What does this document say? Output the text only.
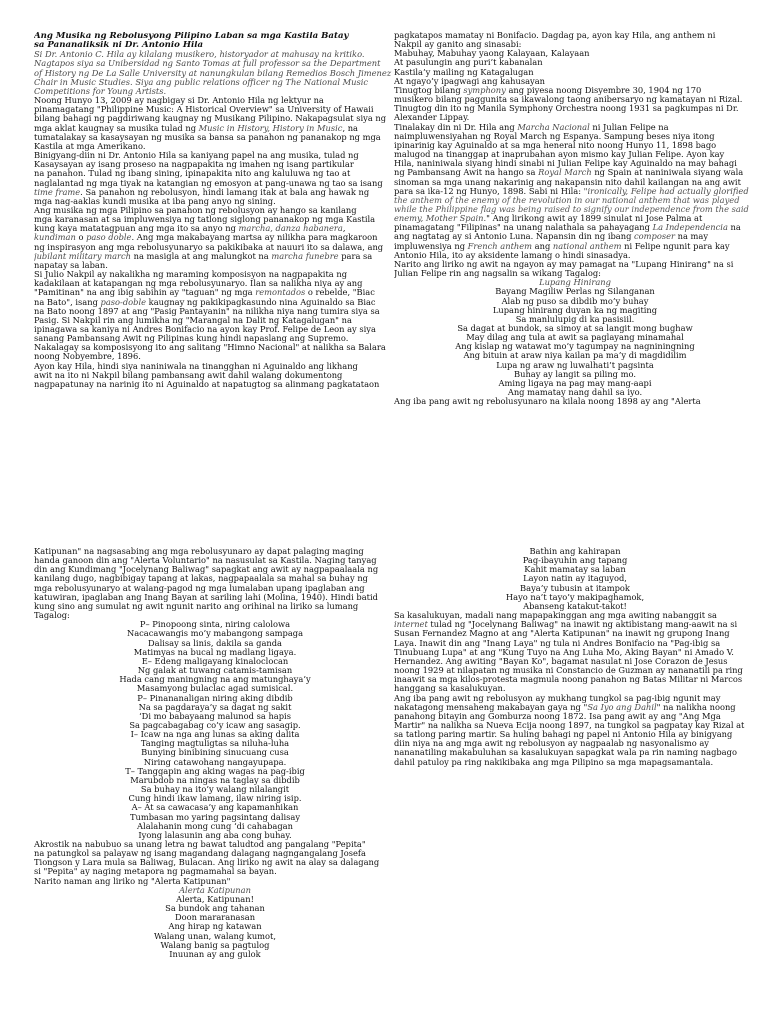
Ang Musika ng Rebolusyong Pilipino Laban sa mga Kastila Batay
sa Pananaliksik ni Dr. Antonio Hila
Si Dr. Antonio C. Hila ay kilalang musikero, historyador at mahusay na kritiko.
Nagtapos siya sa Unibersidad ng Santo Tomas at full professor sa the Department
of History ng De La Salle University at nanungkulan bilang Remedios Bosch Jimenez
Chair in Music Studies. Siya ang public relations officer ng The National Music
Competitions for Young Artists.
Noong Hunyo 13, 2009 ay nagbigay si Dr. Antonio Hila ng lektyur na
pinamagatang "Philippine Music: A Historical Overview" sa University of Hawaii
bilang bahagi ng pagdiriwang kaugnay ng Musikang Pilipino. Nakapagsulat siya ng
mga aklat kaugnay sa musika tulad ng Music in History, History in Music, na
tumatalakay sa kasaysayan ng musika sa bansa sa panahon ng pananakop ng mga
Kastila at mga Amerikano.
Binigyang-diin ni Dr. Antonio Hila sa kaniyang papel na ang musika, tulad ng
Kasaysayan ay isang proseso na nagpapakita ng imahen ng isang partikular
na panahon. Tulad ng ibang sining, ipinapakita nito ang kaluluwa ng tao at
naglalantad ng mga tiyak na katangian ng emosyon at pang-unawa ng tao sa isang
time frame. Sa panahon ng rebolusyon, hindi lamang itak at bala ang hawak ng
mga nag-aaklas kundi musika at iba pang anyo ng sining.
Ang musika ng mga Pilipino sa panahon ng rebolusyon ay hango sa kanilang
mga karanasan at sa impluwensiya ng tatlong siglong pananakop ng mga Kastila
kung kaya matatagpuan ang mga ito sa anyo ng marcha, danza habanera,
kundiman o paso doble. Ang mga makabayang martsa ay nilikha para magkaroon
ng inspirasyon ang mga rebolusyunaryo sa pakikibaka at nauuri ito sa dalawa, ang
jubilant military march na masigla at ang malungkot na marcha funebre para sa
napatay sa laban.
Si Julio Nakpil ay nakalikha ng maraming komposisyon na nagpapakita ng
kadakilaan at katapangan ng mga rebolusyunaryo. Ilan sa nalikha niya ay ang
"Pamitinan" na ang ibig sabihin ay "taguan" ng mga remontados o rebelde, "Biac
na Bato", isang paso-doble kaugnay ng pakikipagkasundo nina Aguinaldo sa Biac
na Bato noong 1897 at ang "Pasig Pantayanin" na nilikha niya nang tumira siya sa
Pasig. Si Nakpil rin ang lumikha ng "Marangal na Dalit ng Katagalugan" na
ipinagawa sa kaniya ni Andres Bonifacio na ayon kay Prof. Felipe de Leon ay siya
sanang Pambansang Awit ng Pilipinas kung hindi napaslang ang Supremo.
Nakalagay sa komposisyong ito ang salitang "Himno Nacional" at nalikha sa Balara
noong Nobyembre, 1896.
Ayon kay Hila, hindi siya naniniwala na tinangghan ni Aguinaldo ang likhang
awit na ito ni Nakpil bilang pambansang awit dahil walang dokumentong
nagpapatunay na narinig ito ni Aguinaldo at napatugtog sa alinmang pagkatataon
pagkatapos mamatay ni Bonifacio. Dagdag pa, ayon kay Hila, ang anthem ni
Nakpil ay ganito ang sinasabi:
Mabuhay, Mabuhay yaong Kalayaan, Kalayaan
At pasulungin ang puri’t kabanalan
Kastila’y mailing ng Katagalugan
At ngayo’y ipagwagi ang kahusayan
Tinugtog bilang symphony ang piyesa noong Disyembre 30, 1904 ng 170
musikero bilang paggunita sa ikawalong taong anibersaryo ng kamatayan ni Rizal.
Tinugtog din ito ng Manila Symphony Orchestra noong 1931 sa pagkumpas ni Dr.
Alexander Lippay.
Tinalakay din ni Dr. Hila ang Marcha Nacional ni Julian Felipe na
naimpluwensiyahan ng Royal March ng Espanya. Sampung beses niya itong
ipinarinig kay Aguinaldo at sa mga heneral nito noong Hunyo 11, 1898 bago
malugod na tinanggap at inaprubahan ayon mismo kay Julian Felipe. Ayon kay
Hila, naniniwala siyang hindi sinabi ni Julian Felipe kay Aguinaldo na may bahagi
ng Pambansang Awit na hango sa Royal March ng Spain at naniniwala siyang wala
sinoman sa mga unang nakarinig ang nakapansin nito dahil kailangan na ang awit
para sa ika-12 ng Hunyo, 1898. Sabi ni Hila: "ironically, Felipe had actually glorified
the anthem of the enemy of the revolution in our national anthem that was played
while the Philippine flag was being raised to signify our independence from the said
enemy, Mother Spain." Ang lirikong awit ay 1899 sinulat ni Jose Palma at
pinamagatang "Filipinas" na unang nalathala sa pahayagang La Independencia na
ang nagtatag ay si Antonio Luna. Napansin din ng ibang composer na may
impluwensiya ng French anthem ang national anthem ni Felipe ngunit para kay
Antonio Hila, ito ay aksidente lamang o hindi sinasadya.
Narito ang liriko ng awit na ngayon ay may pamagat na "Lupang Hinirang" na si
Julian Felipe rin ang nagsalin sa wikang Tagalog:
Lupang Hinirang
Bayang Magiliw Perlas ng Silanganan
Alab ng puso sa dibdib mo’y buhay
Lupang hinirang duyan ka ng magiting
Sa manlulupig di ka pasisiil.
Sa dagat at bundok, sa simoy at sa langit mong bughaw
May dilag ang tula at awit sa paglayang minamahal
Ang kislap ng watawat mo’y tagumpay na nagniningning
Ang bituin at araw niya kailan pa ma’y di magdidilim
Lupa ng araw ng luwalhati’t pagsinta
Buhay ay langit sa piling mo.
Aming ligaya na pag may mang-aapi
Ang mamatay nang dahil sa iyo.
Ang iba pang awit ng rebolusyunaro na kilala noong 1898 ay ang "Alerta
Katipunan" na nagsasabing ang mga rebolusyunaro ay dapat palaging maging
handa ganoon din ang "Alerta Voluntario" na nasusulat sa Kastila. Naging tanyag
din ang Kundimang "Jocelynang Baliwag" sapagkat ang awit ay nagpapaalaala ng
kanilang dugo, nagbibigay tapang at lakas, nagpapaalala sa mahal sa buhay ng
mga rebolusyunaryo at walang-pagod ng mga lumalaban upang ipaglaban ang
katuwiran, ipaglaban ang Inang Bayan at sariling lahi (Molina, 1940). Hindi batid
kung sino ang sumulat ng awit ngunit narito ang orihinal na liriko sa lumang
Tagalog:
P– Pinopoong sinta, niring calolowa
Nacacawangis mo’y mabangong sampaga
Dalisay sa linis, dakila sa ganda
Matimyas na bucal ng madlang ligaya.
E– Edeng maligayang kinaloclocan
Ng galak at tuwang catamis-tamisan
Hada cang maningning na ang matunghaya’y
Masamyong bulaclac agad sumisical.
P– Pinananaligan niring aking dibdib
Na sa pagdaraya’y sa dagat ng sakit
‘Di mo babayaang malunod sa hapis
Sa pagcabagabag co’y icaw ang sasagip.
I– Icaw na nga ang lunas sa aking dalita
Tanging magtuligtas sa niluha-luha
Bunying binibining sinucuang cusa
Niring catawohang nangayupapa.
T– Tanggapin ang aking wagas na pag-ibig
Marubdob na ningas na taglay sa dibdib
Sa buhay na ito’y walang nilalangit
Cung hindi ikaw lamang, ilaw niring isip.
A– At sa cawacasa’y ang kapamanhikan
Tumbasan mo yaring pagsintang dalisay
Alalahanin mong cung ‘di cahabagan
Iyong lalasunin ang aba cong buhay.
Akrostik na nabubuo sa unang letra ng bawat taludtod ang pangalang "Pepita"
na patungkol sa palayaw ng isang magandang dalagang nagngangalang Josefa
Tiongson y Lara mula sa Baliwag, Bulacan. Ang liriko ng awit na alay sa dalagang
si "Pepita" ay naging metapora ng pagmamahal sa bayan.
Narito naman ang liriko ng "Alerta Katipunan"
Alerta Katipunan
Alerta, Katipunan!
Sa bundok ang tahanan
Doon mararanasan
Ang hirap ng katawan
Walang unan, walang kumot,
Walang banig sa pagtulog
Inuunan ay ang gulok
Bathin ang kahirapan
Pag-ibayuhin ang tapang
Kahit mamatay sa laban
Layon natin ay itaguyod,
Baya’y tubusin at itampok
Hayo na’t tayo’y makipaghamok,
Abanseng katakut-takot!
Sa kasalukuyan, madali nang mapapakinggan ang mga awiting nabanggit sa
internet tulad ng "Jocelynang Baliwag" na inawit ng aktibistang mang-aawit na si
Susan Fernandez Magno at ang "Alerta Katipunan" na inawit ng grupong Inang
Laya. Inawit din ang "Inang Laya" ng tula ni Andres Bonifacio na "Pag-ibig sa
Tinubuang Lupa" at ang "Kung Tuyo na Ang Luha Mo, Aking Bayan" ni Amado V.
Hernandez. Ang awiting "Bayan Ko", bagamat nasulat ni Jose Corazon de Jesus
noong 1929 at nilapatan ng musika ni Constancio de Guzman ay nananatili pa ring
inaawit sa mga kilos-protesta magmula noong panahon ng Batas Militar ni Marcos
hanggang sa kasalukuyan.
Ang iba pang awit ng rebolusyon ay mukhang tungkol sa pag-ibig ngunit may
nakatagong mensaheng makabayan gaya ng "Sa Iyo ang Dahil" na nalikha noong
panahong bitayin ang Gomburza noong 1872. Isa pang awit ay ang "Ang Mga
Martir" na nalikha sa Nueva Ecija noong 1897, na tungkol sa pagpatay kay Rizal at
sa tatlong paring martir. Sa huling bahagi ng papel ni Antonio Hila ay binigyang
diin niya na ang mga awit ng rebolusyon ay nagpaalab ng nasyonalismo ay
nananatiling makabuluhan sa kasalukuyan sapagkat wala pa rin naming nagbago
dahil patuloy pa ring nakikibaka ang mga Pilipino sa mga mapagsamantala.
